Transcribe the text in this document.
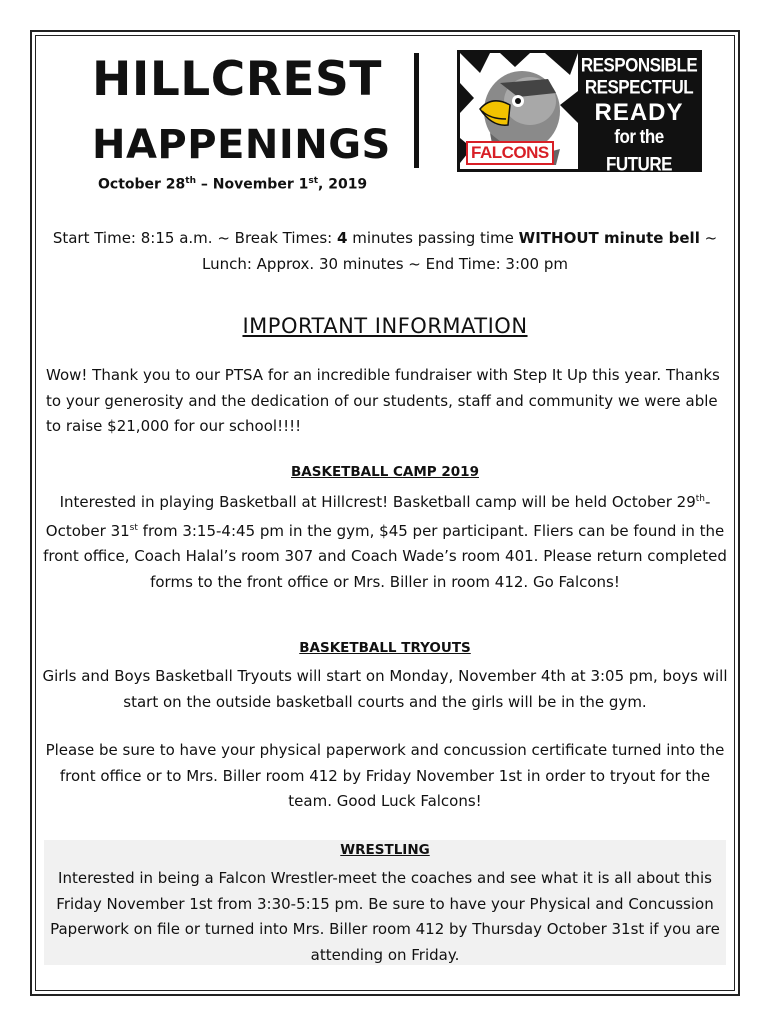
HILLCREST
HAPPENINGS	FALCONS
RESPONSIBLE
RESPECTFUL
READY
for the FUTURE
October 28th – November 1st, 2019
Start Time: 8:15 a.m. ~ Break Times: 4 minutes passing time WITHOUT minute bell ~ Lunch: Approx. 30 minutes ~ End Time: 3:00 pm
IMPORTANT INFORMATION
Wow! Thank you to our PTSA for an incredible fundraiser with Step It Up this year. Thanks to your generosity and the dedication of our students, staff and community we were able to raise $21,000 for our school!!!!
BASKETBALL CAMP 2019
Interested in playing Basketball at Hillcrest! Basketball camp will be held October 29th-October 31st from 3:15-4:45 pm in the gym, $45 per participant. Fliers can be found in the front office, Coach Halal’s room 307 and Coach Wade’s room 401. Please return completed forms to the front office or Mrs. Biller in room 412. Go Falcons!
BASKETBALL TRYOUTS
Girls and Boys Basketball Tryouts will start on Monday, November 4th at 3:05 pm, boys will start on the outside basketball courts and the girls will be in the gym.
Please be sure to have your physical paperwork and concussion certificate turned into the front office or to Mrs. Biller room 412 by Friday November 1st in order to tryout for the team. Good Luck Falcons!
WRESTLING
Interested in being a Falcon Wrestler-meet the coaches and see what it is all about this Friday November 1st from 3:30-5:15 pm. Be sure to have your Physical and Concussion Paperwork on file or turned into Mrs. Biller room 412 by Thursday October 31st if you are attending on Friday.
